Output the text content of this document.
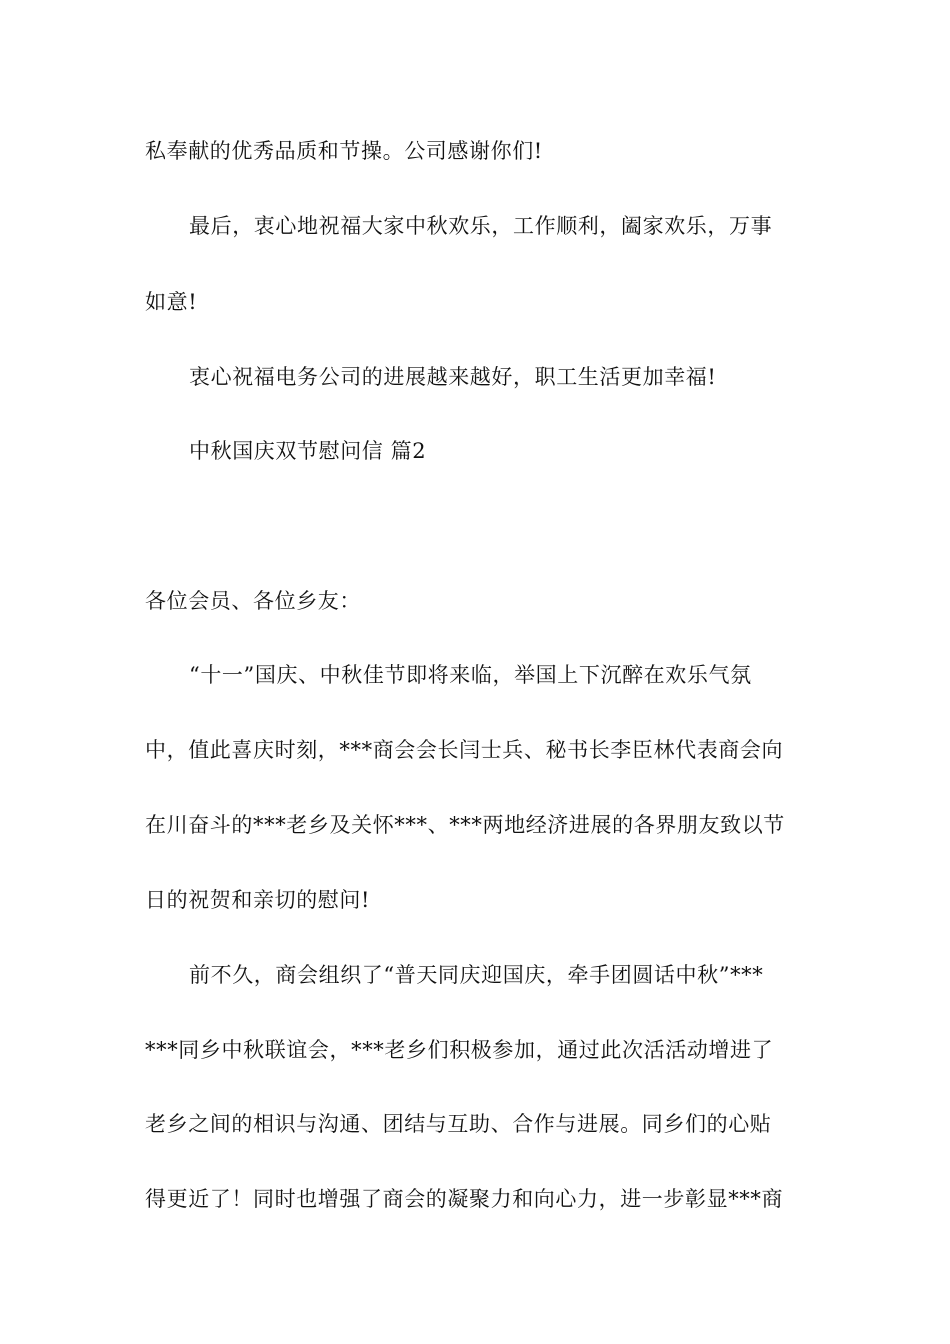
私奉献的优秀品质和节操。公司感谢你们!
最后，衷心地祝福大家中秋欢乐，工作顺利，阖家欢乐，万事
如意!
衷心祝福电务公司的进展越来越好，职工生活更加幸福!
中秋国庆双节慰问信 篇2
各位会员、各位乡友：
“十一”国庆、中秋佳节即将来临，举国上下沉醉在欢乐气氛
中，值此喜庆时刻，***商会会长闫士兵、秘书长李臣林代表商会向
在川奋斗的***老乡及关怀***、***两地经济进展的各界朋友致以节
日的祝贺和亲切的慰问!
前不久，商会组织了“普天同庆迎国庆，牵手团圆话中秋”***
***同乡中秋联谊会，***老乡们积极参加，通过此次活活动增进了
老乡之间的相识与沟通、团结与互助、合作与进展。同乡们的心贴
得更近了！同时也增强了商会的凝聚力和向心力，进一步彰显***商
